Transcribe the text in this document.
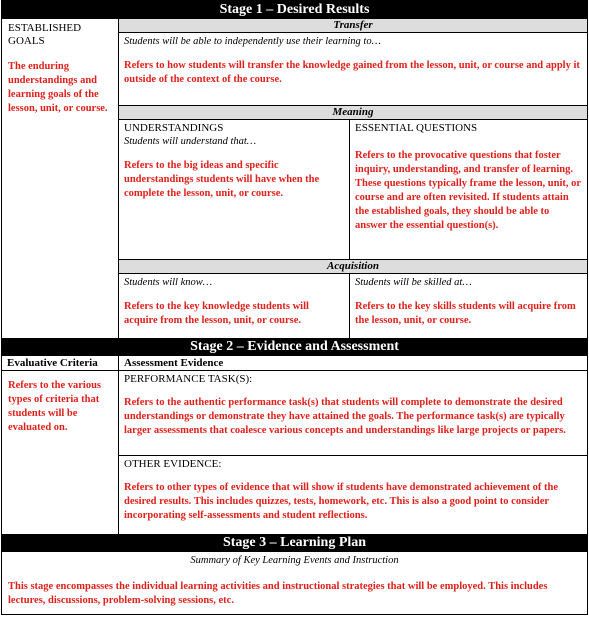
Stage 1 – Desired Results
ESTABLISHED GOALS
The enduring understandings and learning goals of the lesson, unit, or course.
Transfer
Students will be able to independently use their learning to…
Refers to how students will transfer the knowledge gained from the lesson, unit, or course and apply it outside of the context of the course.
Meaning
UNDERSTANDINGS
Students will understand that…
Refers to the big ideas and specific understandings students will have when the complete the lesson, unit, or course.
ESSENTIAL QUESTIONS
Refers to the provocative questions that foster inquiry, understanding, and transfer of learning. These questions typically frame the lesson, unit, or course and are often revisited. If students attain the established goals, they should be able to answer the essential question(s).
Acquisition
Students will know…
Refers to the key knowledge students will acquire from the lesson, unit, or course.
Students will be skilled at…
Refers to the key skills students will acquire from the lesson, unit, or course.
Stage 2 – Evidence and Assessment
Evaluative Criteria
Refers to the various types of criteria that students will be evaluated on.
Assessment Evidence
PERFORMANCE TASK(S):
Refers to the authentic performance task(s) that students will complete to demonstrate the desired understandings or demonstrate they have attained the goals. The performance task(s) are typically larger assessments that coalesce various concepts and understandings like large projects or papers.
OTHER EVIDENCE:
Refers to other types of evidence that will show if students have demonstrated achievement of the desired results. This includes quizzes, tests, homework, etc. This is also a good point to consider incorporating self-assessments and student reflections.
Stage 3 – Learning Plan
Summary of Key Learning Events and Instruction
This stage encompasses the individual learning activities and instructional strategies that will be employed. This includes lectures, discussions, problem-solving sessions, etc.
